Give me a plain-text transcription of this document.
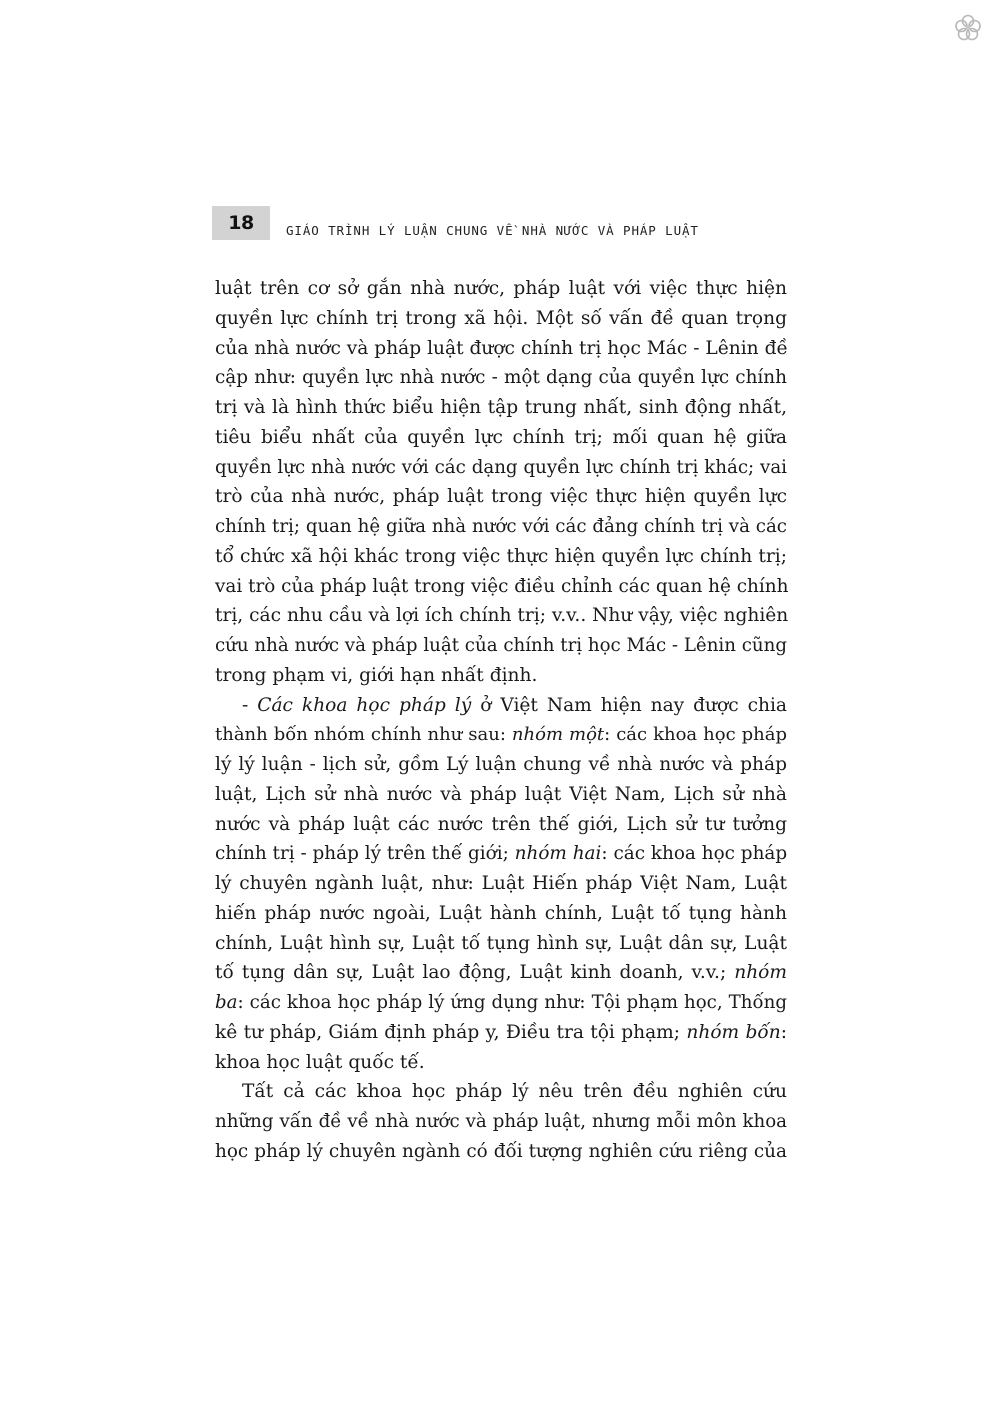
18	GIÁO TRÌNH LÝ LUẬN CHUNG VỀ NHÀ NƯỚC VÀ PHÁP LUẬT
luật trên cơ sở gắn nhà nước, pháp luật với việc thực hiện
quyền lực chính trị trong xã hội. Một số vấn đề quan trọng
của nhà nước và pháp luật được chính trị học Mác - Lênin đề
cập như: quyền lực nhà nước - một dạng của quyền lực chính
trị và là hình thức biểu hiện tập trung nhất, sinh động nhất,
tiêu biểu nhất của quyền lực chính trị; mối quan hệ giữa
quyền lực nhà nước với các dạng quyền lực chính trị khác; vai
trò của nhà nước, pháp luật trong việc thực hiện quyền lực
chính trị; quan hệ giữa nhà nước với các đảng chính trị và các
tổ chức xã hội khác trong việc thực hiện quyền lực chính trị;
vai trò của pháp luật trong việc điều chỉnh các quan hệ chính
trị, các nhu cầu và lợi ích chính trị; v.v.. Như vậy, việc nghiên
cứu nhà nước và pháp luật của chính trị học Mác - Lênin cũng
trong phạm vi, giới hạn nhất định.
- Các khoa học pháp lý ở Việt Nam hiện nay được chia
thành bốn nhóm chính như sau: nhóm một: các khoa học pháp
lý lý luận - lịch sử, gồm Lý luận chung về nhà nước và pháp
luật, Lịch sử nhà nước và pháp luật Việt Nam, Lịch sử nhà
nước và pháp luật các nước trên thế giới, Lịch sử tư tưởng
chính trị - pháp lý trên thế giới; nhóm hai: các khoa học pháp
lý chuyên ngành luật, như: Luật Hiến pháp Việt Nam, Luật
hiến pháp nước ngoài, Luật hành chính, Luật tố tụng hành
chính, Luật hình sự, Luật tố tụng hình sự, Luật dân sự, Luật
tố tụng dân sự, Luật lao động, Luật kinh doanh, v.v.; nhóm
ba: các khoa học pháp lý ứng dụng như: Tội phạm học, Thống
kê tư pháp, Giám định pháp y, Điều tra tội phạm; nhóm bốn:
khoa học luật quốc tế.
Tất cả các khoa học pháp lý nêu trên đều nghiên cứu
những vấn đề về nhà nước và pháp luật, nhưng mỗi môn khoa
học pháp lý chuyên ngành có đối tượng nghiên cứu riêng của
